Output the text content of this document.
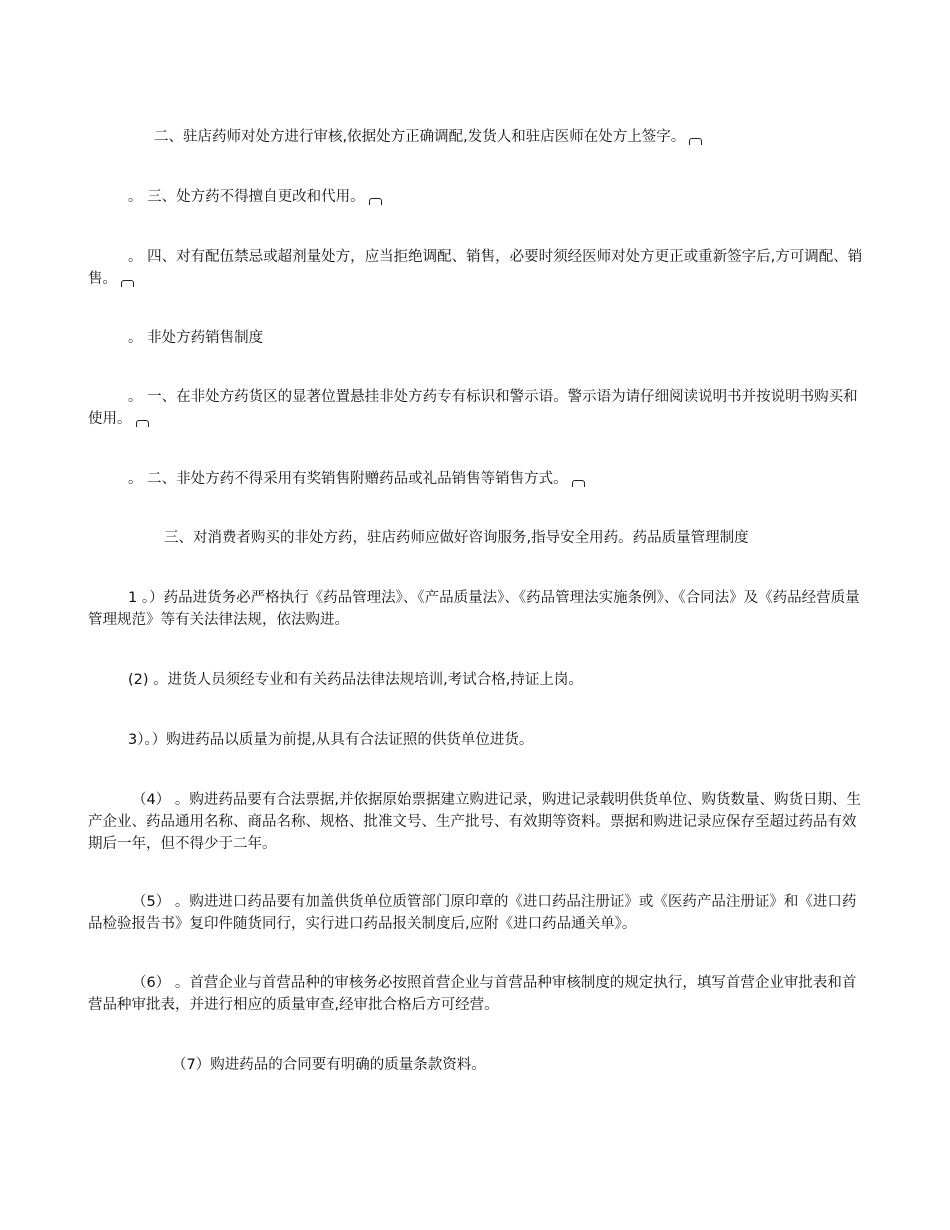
二、驻店药师对处方进行审核,依据处方正确调配,发货人和驻店医师在处方上签字。
。 三、处方药不得擅自更改和代用。
。 四、对有配伍禁忌或超剂量处方，应当拒绝调配、销售，必要时须经医师对处方更正或重新签字后,方可调配、销售。
。 非处方药销售制度
。 一、在非处方药货区的显著位置悬挂非处方药专有标识和警示语。警示语为请仔细阅读说明书并按说明书购买和使用。
。 二、非处方药不得采用有奖销售附赠药品或礼品销售等销售方式。
三、对消费者购买的非处方药，驻店药师应做好咨询服务,指导安全用药。药品质量管理制度
1 。）药品进货务必严格执行《药品管理法》、《产品质量法》、《药品管理法实施条例》、《合同法》及《药品经营质量管理规范》等有关法律法规，依法购进。
(2) 。进货人员须经专业和有关药品法律法规培训,考试合格,持证上岗。
3）。）购进药品以质量为前提,从具有合法证照的供货单位进货。
（4） 。购进药品要有合法票据,并依据原始票据建立购进记录，购进记录载明供货单位、购货数量、购货日期、生产企业、药品通用名称、商品名称、规格、批准文号、生产批号、有效期等资料。票据和购进记录应保存至超过药品有效期后一年，但不得少于二年。
（5） 。购进进口药品要有加盖供货单位质管部门原印章的《进口药品注册证》或《医药产品注册证》和《进口药品检验报告书》复印件随货同行，实行进口药品报关制度后,应附《进口药品通关单》。
（6） 。首营企业与首营品种的审核务必按照首营企业与首营品种审核制度的规定执行，填写首营企业审批表和首营品种审批表，并进行相应的质量审查,经审批合格后方可经营。
（7）购进药品的合同要有明确的质量条款资料。
